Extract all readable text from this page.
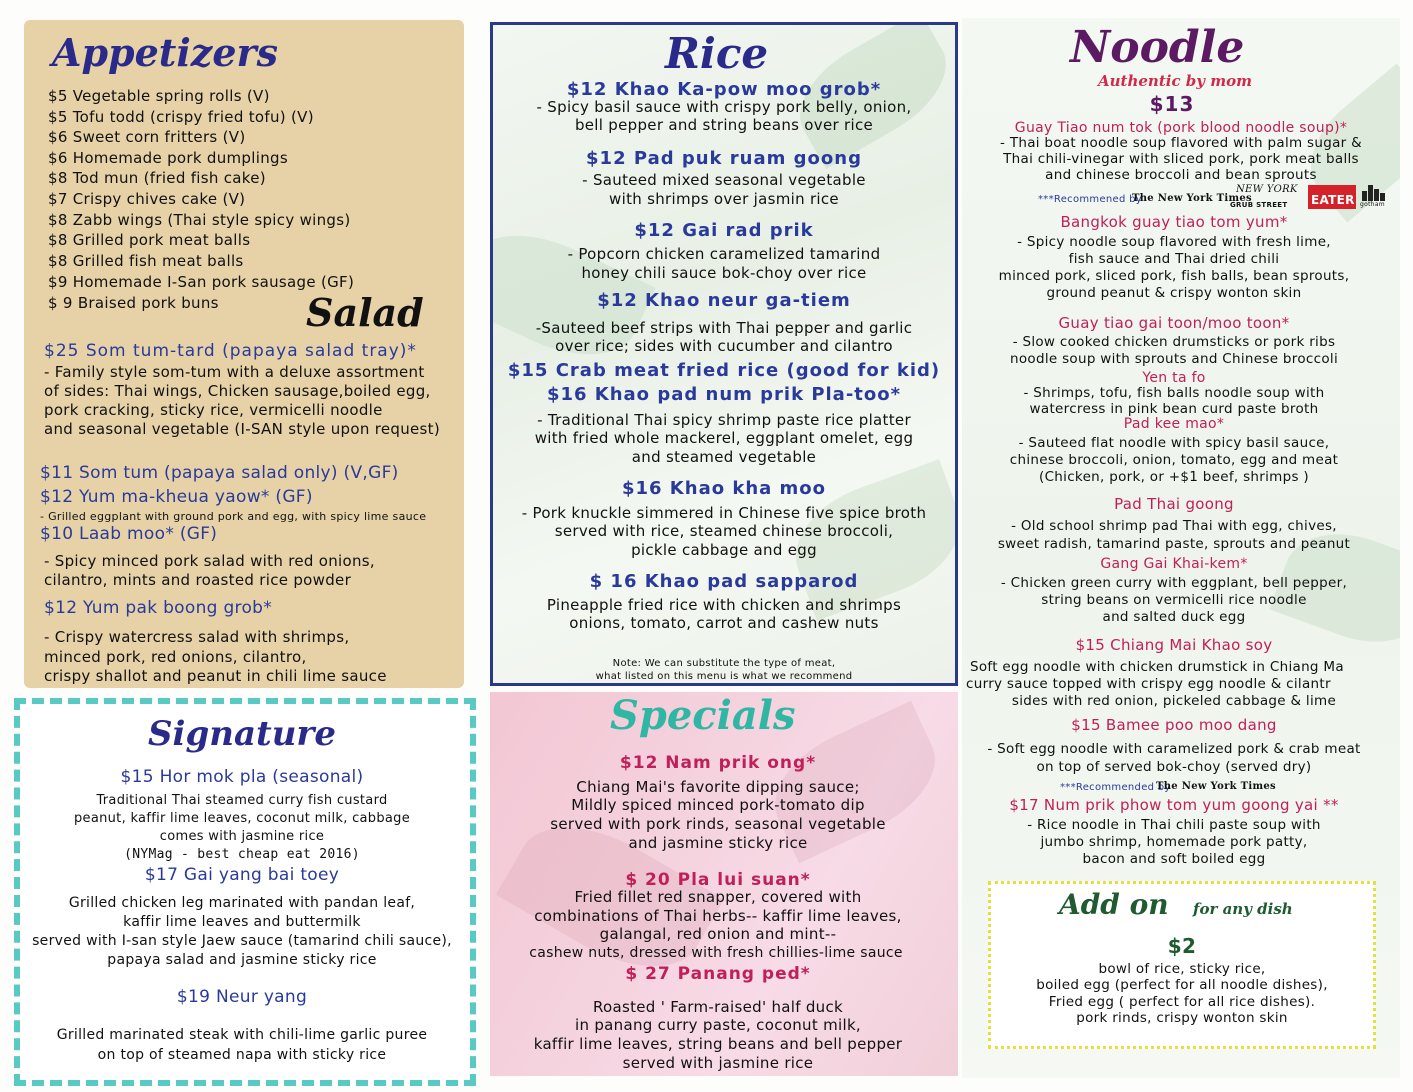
Appetizers
$5 Vegetable spring rolls (V)
$5 Tofu todd (crispy fried tofu) (V)
$6 Sweet corn fritters (V)
$6 Homemade pork dumplings
$8 Tod mun (fried fish cake)
$7 Crispy chives cake (V)
$8 Zabb wings (Thai style spicy wings)
$8 Grilled pork meat balls
$8 Grilled fish meat balls
$9 Homemade I-San pork sausage (GF)
$ 9 Braised pork buns Salad
$25 Som tum-tard (papaya salad tray)*
- Family style som-tum with a deluxe assortment
of sides: Thai wings, Chicken sausage,boiled egg,
pork cracking, sticky rice, vermicelli noodle
and seasonal vegetable (I-SAN style upon request)
$11 Som tum (papaya salad only) (V,GF)
$12 Yum ma-kheua yaow* (GF)
- Grilled eggplant with ground pork and egg, with spicy lime sauce
$10 Laab moo* (GF)
- Spicy minced pork salad with red onions,
cilantro, mints and roasted rice powder
$12 Yum pak boong grob*
- Crispy watercress salad with shrimps,
minced pork, red onions, cilantro,
crispy shallot and peanut in chili lime sauce
Signature
$15 Hor mok pla (seasonal)
Traditional Thai steamed curry fish custard
peanut, kaffir lime leaves, coconut milk, cabbage
comes with jasmine rice
(NYMag - best cheap eat 2016)
$17 Gai yang bai toey
Grilled chicken leg marinated with pandan leaf,
kaffir lime leaves and buttermilk
served with I-san style Jaew sauce (tamarind chili sauce),
papaya salad and jasmine sticky rice
$19 Neur yang
Grilled marinated steak with chili-lime garlic puree
on top of steamed napa with sticky rice
Rice
$12 Khao Ka-pow moo grob*
- Spicy basil sauce with crispy pork belly, onion,
bell pepper and string beans over rice
$12 Pad puk ruam goong
- Sauteed mixed seasonal vegetable
with shrimps over jasmin rice
$12 Gai rad prik
- Popcorn chicken caramelized tamarind
honey chili sauce bok-choy over rice
$12 Khao neur ga-tiem
-Sauteed beef strips with Thai pepper and garlic
over rice; sides with cucumber and cilantro
$15 Crab meat fried rice (good for kid)
$16 Khao pad num prik Pla-too*
- Traditional Thai spicy shrimp paste rice platter
with fried whole mackerel, eggplant omelet, egg
and steamed vegetable
$16 Khao kha moo
- Pork knuckle simmered in Chinese five spice broth
served with rice, steamed chinese broccoli,
pickle cabbage and egg
$ 16 Khao pad sapparod
Pineapple fried rice with chicken and shrimps
onions, tomato, carrot and cashew nuts
Note: We can substitute the type of meat,
what listed on this menu is what we recommend
Specials
$12 Nam prik ong*
Chiang Mai's favorite dipping sauce;
Mildly spiced minced pork-tomato dip
served with pork rinds, seasonal vegetable
and jasmine sticky rice
$ 20 Pla lui suan*
Fried fillet red snapper, covered with
combinations of Thai herbs-- kaffir lime leaves,
galangal, red onion and mint--
cashew nuts, dressed with fresh chillies-lime sauce
$ 27 Panang ped*
Roasted ' Farm-raised' half duck
in panang curry paste, coconut milk,
kaffir lime leaves, string beans and bell pepper
served with jasmine rice
Noodle
Authentic by mom
$13
Guay Tiao num tok (pork blood noodle soup)*
- Thai boat noodle soup flavored with palm sugar &
Thai chili-vinegar with sliced pork, pork meat balls
and chinese broccoli and bean sprouts
***Recommened by
The New York Times
NEW YORK
GRUB STREET EATER gotham
Bangkok guay tiao tom yum*
- Spicy noodle soup flavored with fresh lime,
fish sauce and Thai dried chili
minced pork, sliced pork, fish balls, bean sprouts,
ground peanut & crispy wonton skin
Guay tiao gai toon/moo toon*
- Slow cooked chicken drumsticks or pork ribs
noodle soup with sprouts and Chinese broccoli
Yen ta fo
- Shrimps, tofu, fish balls noodle soup with
watercress in pink bean curd paste broth
Pad kee mao*
- Sauteed flat noodle with spicy basil sauce,
chinese broccoli, onion, tomato, egg and meat
(Chicken, pork, or +$1 beef, shrimps )
Pad Thai goong
- Old school shrimp pad Thai with egg, chives,
sweet radish, tamarind paste, sprouts and peanut
Gang Gai Khai-kem*
- Chicken green curry with eggplant, bell pepper,
string beans on vermicelli rice noodle
and salted duck egg
$15 Chiang Mai Khao soy
Soft egg noodle with chicken drumstick in Chiang Ma
curry sauce topped with crispy egg noodle & cilantr
sides with red onion, pickeled cabbage & lime
$15 Bamee poo moo dang
- Soft egg noodle with caramelized pork & crab meat
on top of served bok-choy (served dry)
***Recommended by
The New York Times
$17 Num prik phow tom yum goong yai **
- Rice noodle in Thai chili paste soup with
jumbo shrimp, homemade pork patty,
bacon and soft boiled egg
Add on for any dish
$2
bowl of rice, sticky rice,
boiled egg (perfect for all noodle dishes),
Fried egg ( perfect for all rice dishes).
pork rinds, crispy wonton skin
